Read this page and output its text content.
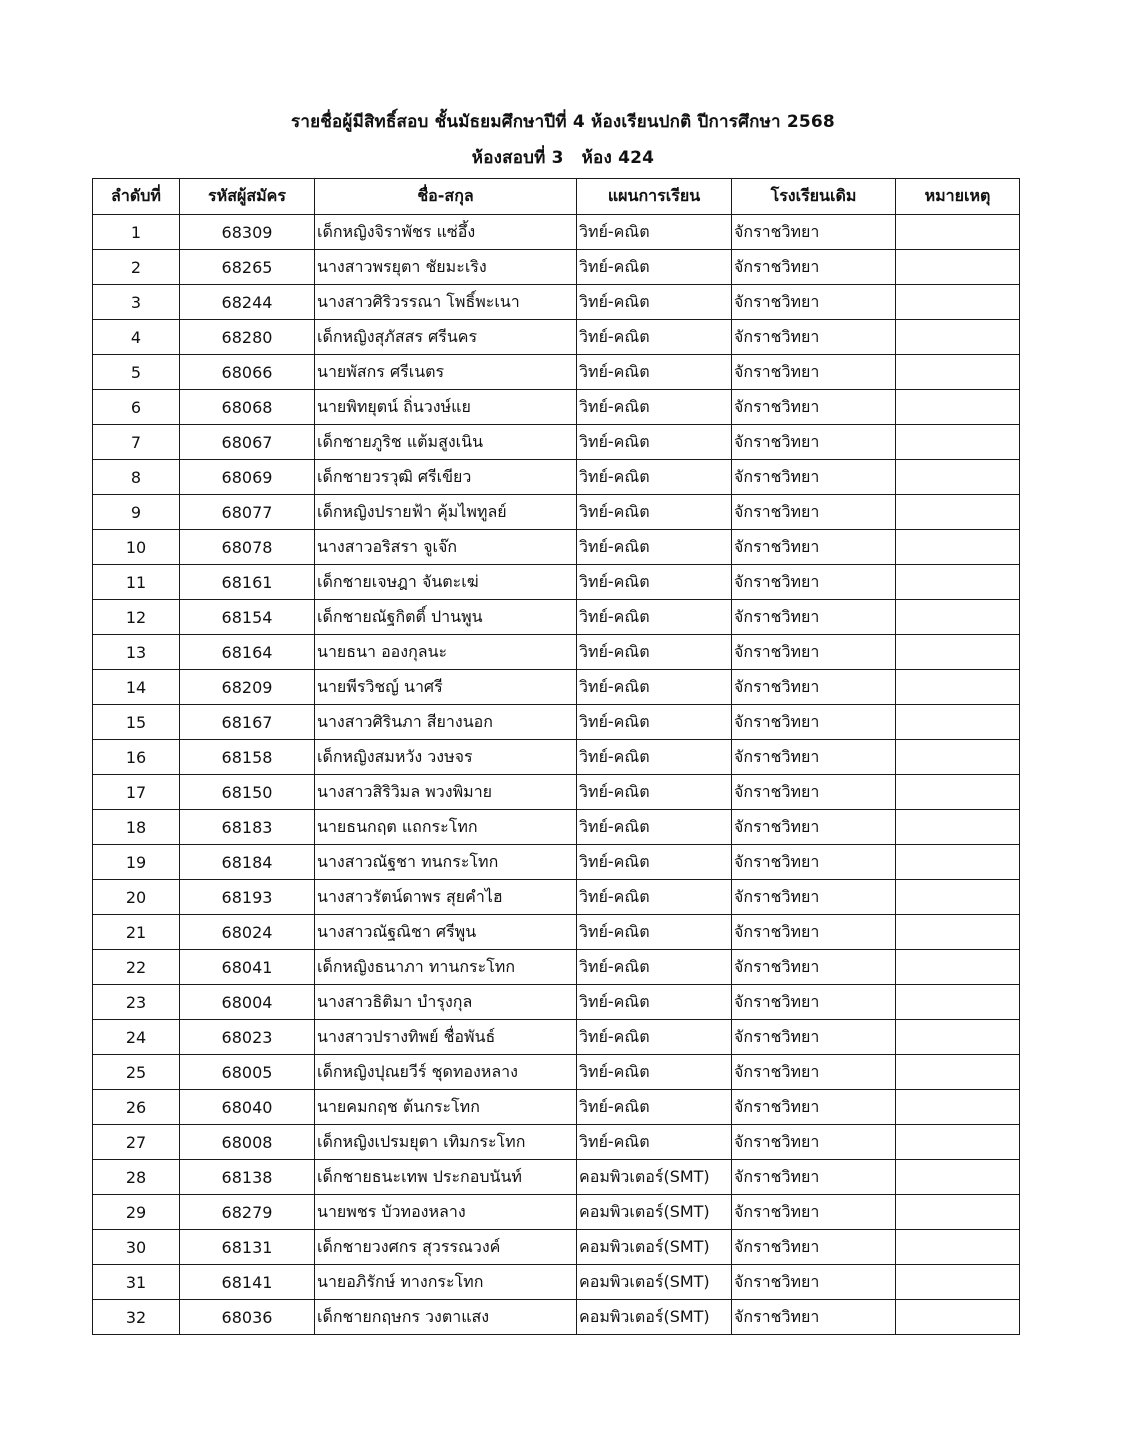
รายชื่อผู้มีสิทธิ์สอบ ชั้นมัธยมศึกษาปีที่ 4 ห้องเรียนปกติ ปีการศึกษา 2568
ห้องสอบที่ 3 ห้อง 424
ลำดับที่	รหัสผู้สมัคร	ชื่อ-สกุล	แผนการเรียน	โรงเรียนเดิม	หมายเหตุ
1	68309	เด็กหญิงจิราพัชร แซ่อึ้ง	วิทย์-คณิต	จักราชวิทยา	
2	68265	นางสาวพรยุตา ชัยมะเริง	วิทย์-คณิต	จักราชวิทยา	
3	68244	นางสาวศิริวรรณา โพธิ์พะเนา	วิทย์-คณิต	จักราชวิทยา	
4	68280	เด็กหญิงสุภัสสร ศรีนคร	วิทย์-คณิต	จักราชวิทยา	
5	68066	นายพัสกร ศรีเนตร	วิทย์-คณิต	จักราชวิทยา	
6	68068	นายพิทยุตน์ ถิ่นวงษ์แย	วิทย์-คณิต	จักราชวิทยา	
7	68067	เด็กชายภูริช แต้มสูงเนิน	วิทย์-คณิต	จักราชวิทยา	
8	68069	เด็กชายวรวุฒิ ศรีเขียว	วิทย์-คณิต	จักราชวิทยา	
9	68077	เด็กหญิงปรายฟ้า คุ้มไพทูลย์	วิทย์-คณิต	จักราชวิทยา	
10	68078	นางสาวอริสรา จูเจ๊ก	วิทย์-คณิต	จักราชวิทยา	
11	68161	เด็กชายเจษฎา จันตะเฆ่	วิทย์-คณิต	จักราชวิทยา	
12	68154	เด็กชายณัฐกิตติ์ ปานพูน	วิทย์-คณิต	จักราชวิทยา	
13	68164	นายธนา อองกุลนะ	วิทย์-คณิต	จักราชวิทยา	
14	68209	นายพีรวิชญ์ นาศรี	วิทย์-คณิต	จักราชวิทยา	
15	68167	นางสาวศิรินภา สียางนอก	วิทย์-คณิต	จักราชวิทยา	
16	68158	เด็กหญิงสมหวัง วงษจร	วิทย์-คณิต	จักราชวิทยา	
17	68150	นางสาวสิริวิมล พวงพิมาย	วิทย์-คณิต	จักราชวิทยา	
18	68183	นายธนกฤต แถกระโทก	วิทย์-คณิต	จักราชวิทยา	
19	68184	นางสาวณัฐชา ทนกระโทก	วิทย์-คณิต	จักราชวิทยา	
20	68193	นางสาวรัตน์ดาพร สุยคำไฮ	วิทย์-คณิต	จักราชวิทยา	
21	68024	นางสาวณัฐณิชา ศรีพูน	วิทย์-คณิต	จักราชวิทยา	
22	68041	เด็กหญิงธนาภา ทานกระโทก	วิทย์-คณิต	จักราชวิทยา	
23	68004	นางสาวธิติมา บำรุงกุล	วิทย์-คณิต	จักราชวิทยา	
24	68023	นางสาวปรางทิพย์ ชื่อพันธ์	วิทย์-คณิต	จักราชวิทยา	
25	68005	เด็กหญิงปุณยวีร์ ชุดทองหลาง	วิทย์-คณิต	จักราชวิทยา	
26	68040	นายคมกฤช ต้นกระโทก	วิทย์-คณิต	จักราชวิทยา	
27	68008	เด็กหญิงเปรมยุตา เทิมกระโทก	วิทย์-คณิต	จักราชวิทยา	
28	68138	เด็กชายธนะเทพ ประกอบนันท์	คอมพิวเตอร์(SMT)	จักราชวิทยา	
29	68279	นายพชร บัวทองหลาง	คอมพิวเตอร์(SMT)	จักราชวิทยา	
30	68131	เด็กชายวงศกร สุวรรณวงค์	คอมพิวเตอร์(SMT)	จักราชวิทยา	
31	68141	นายอภิรักษ์ ทางกระโทก	คอมพิวเตอร์(SMT)	จักราชวิทยา	
32	68036	เด็กชายกฤษกร วงตาแสง	คอมพิวเตอร์(SMT)	จักราชวิทยา	
